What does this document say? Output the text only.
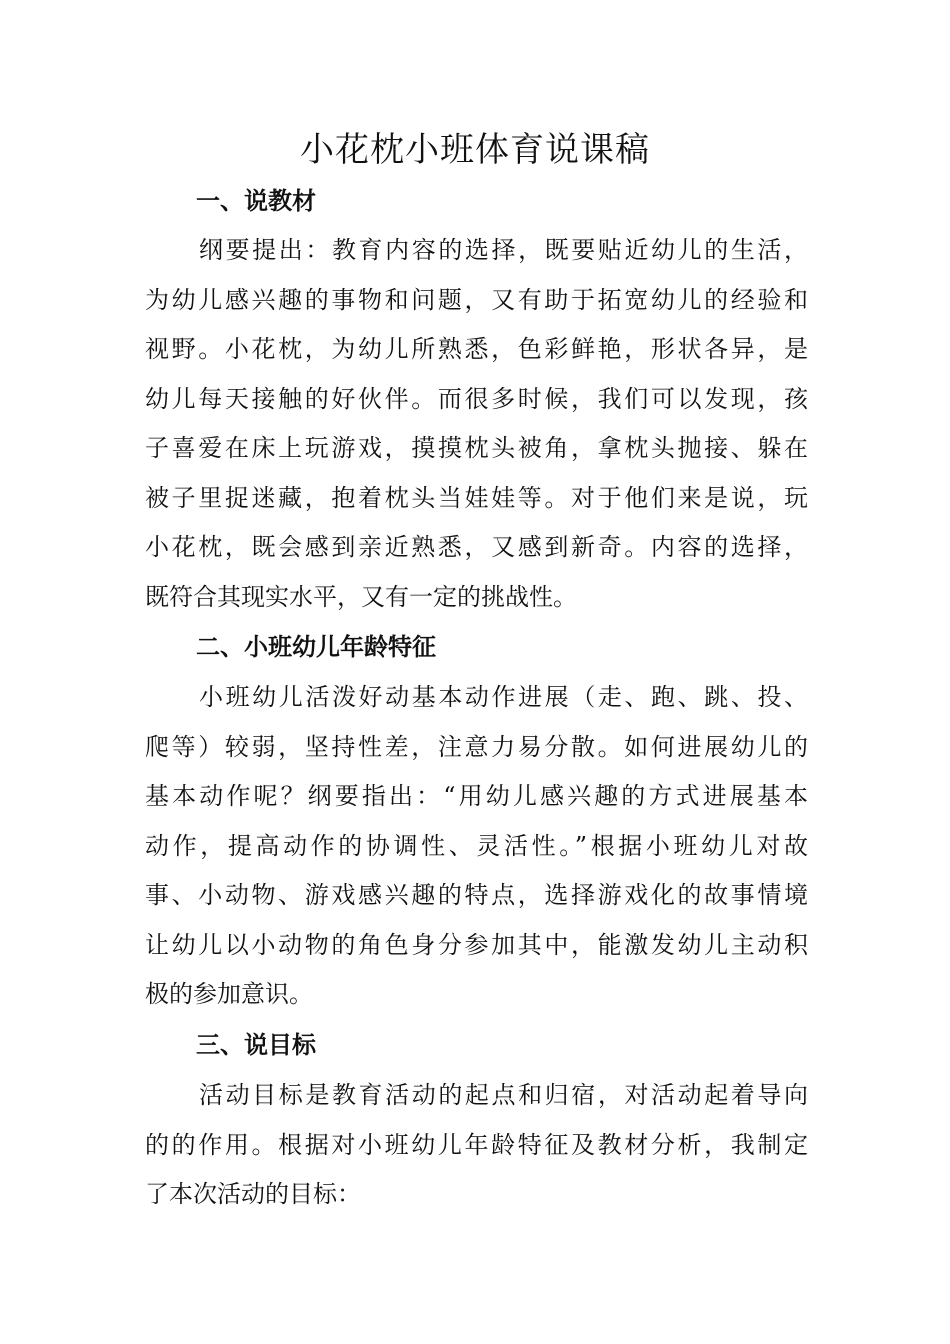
小花枕小班体育说课稿
一、说教材
纲要提出：教育内容的选择，既要贴近幼儿的生活，
为幼儿感兴趣的事物和问题，又有助于拓宽幼儿的经验和
视野。小花枕，为幼儿所熟悉，色彩鲜艳，形状各异，是
幼儿每天接触的好伙伴。而很多时候，我们可以发现，孩
子喜爱在床上玩游戏，摸摸枕头被角，拿枕头抛接、躲在
被子里捉迷藏，抱着枕头当娃娃等。对于他们来是说，玩
小花枕，既会感到亲近熟悉，又感到新奇。内容的选择，
既符合其现实水平，又有一定的挑战性。
二、小班幼儿年龄特征
小班幼儿活泼好动基本动作进展（走、跑、跳、投、
爬等）较弱，坚持性差，注意力易分散。如何进展幼儿的
基本动作呢？纲要指出：“用幼儿感兴趣的方式进展基本
动作，提高动作的协调性、灵活性。”根据小班幼儿对故
事、小动物、游戏感兴趣的特点，选择游戏化的故事情境
让幼儿以小动物的角色身分参加其中，能激发幼儿主动积
极的参加意识。
三、说目标
活动目标是教育活动的起点和归宿，对活动起着导向
的的作用。根据对小班幼儿年龄特征及教材分析，我制定
了本次活动的目标：
